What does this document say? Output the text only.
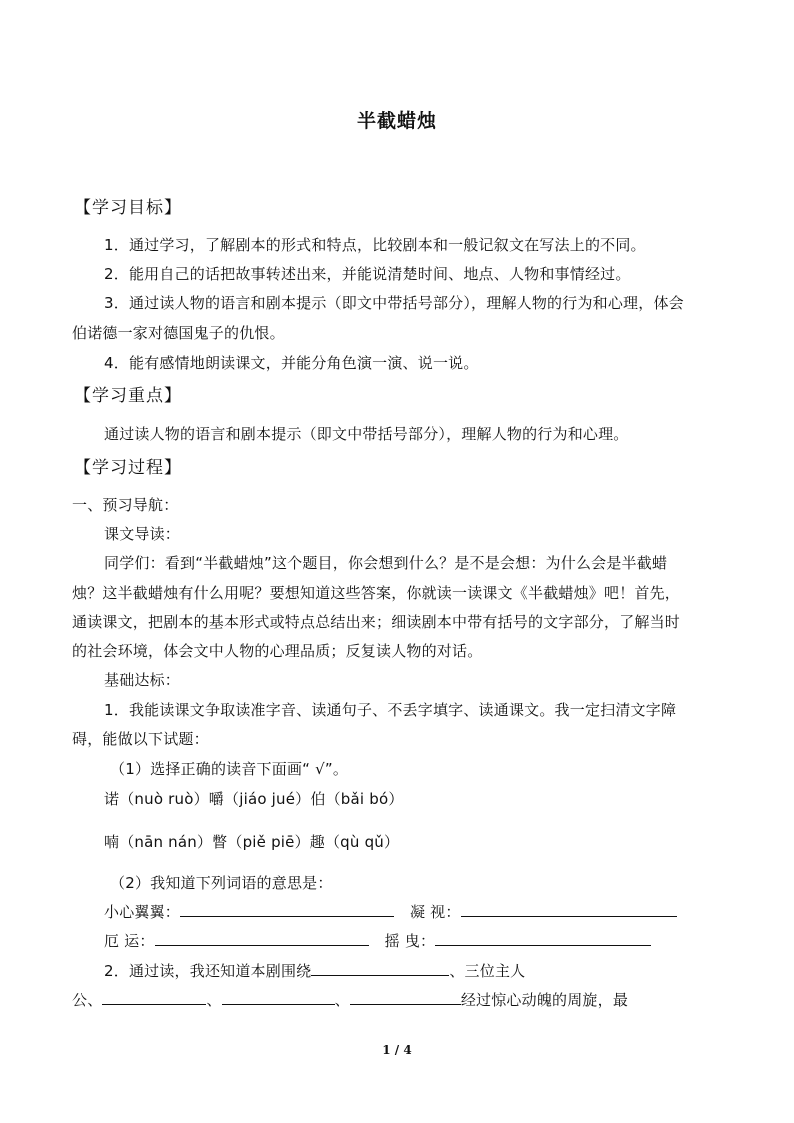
半截蜡烛
【学习目标】
1．通过学习，了解剧本的形式和特点，比较剧本和一般记叙文在写法上的不同。
2．能用自己的话把故事转述出来，并能说清楚时间、地点、人物和事情经过。
3．通过读人物的语言和剧本提示（即文中带括号部分），理解人物的行为和心理，体会
伯诺德一家对德国鬼子的仇恨。
4．能有感情地朗读课文，并能分角色演一演、说一说。
【学习重点】
通过读人物的语言和剧本提示（即文中带括号部分），理解人物的行为和心理。
【学习过程】
一、预习导航：
课文导读：
同学们：看到“半截蜡烛”这个题目，你会想到什么？是不是会想：为什么会是半截蜡
烛？这半截蜡烛有什么用呢？要想知道这些答案，你就读一读课文《半截蜡烛》吧！首先，
通读课文，把剧本的基本形式或特点总结出来；细读剧本中带有括号的文字部分，了解当时
的社会环境，体会文中人物的心理品质；反复读人物的对话。
基础达标：
1．我能读课文争取读准字音、读通句子、不丢字填字、读通课文。我一定扫清文字障
碍，能做以下试题：
（1）选择正确的读音下面画“ √”。
诺（nuò ruò）嚼（jiáo jué）伯（bǎi bó）
喃（nān nán）瞥（piě piē）趣（qù qǔ）
（2）我知道下列词语的意思是：
小心翼翼：	凝 视：
厄 运：	摇 曳：
2．通过读，我还知道本剧围绕	、三位主人
公、	、	、	经过惊心动魄的周旋，最
1 / 4
